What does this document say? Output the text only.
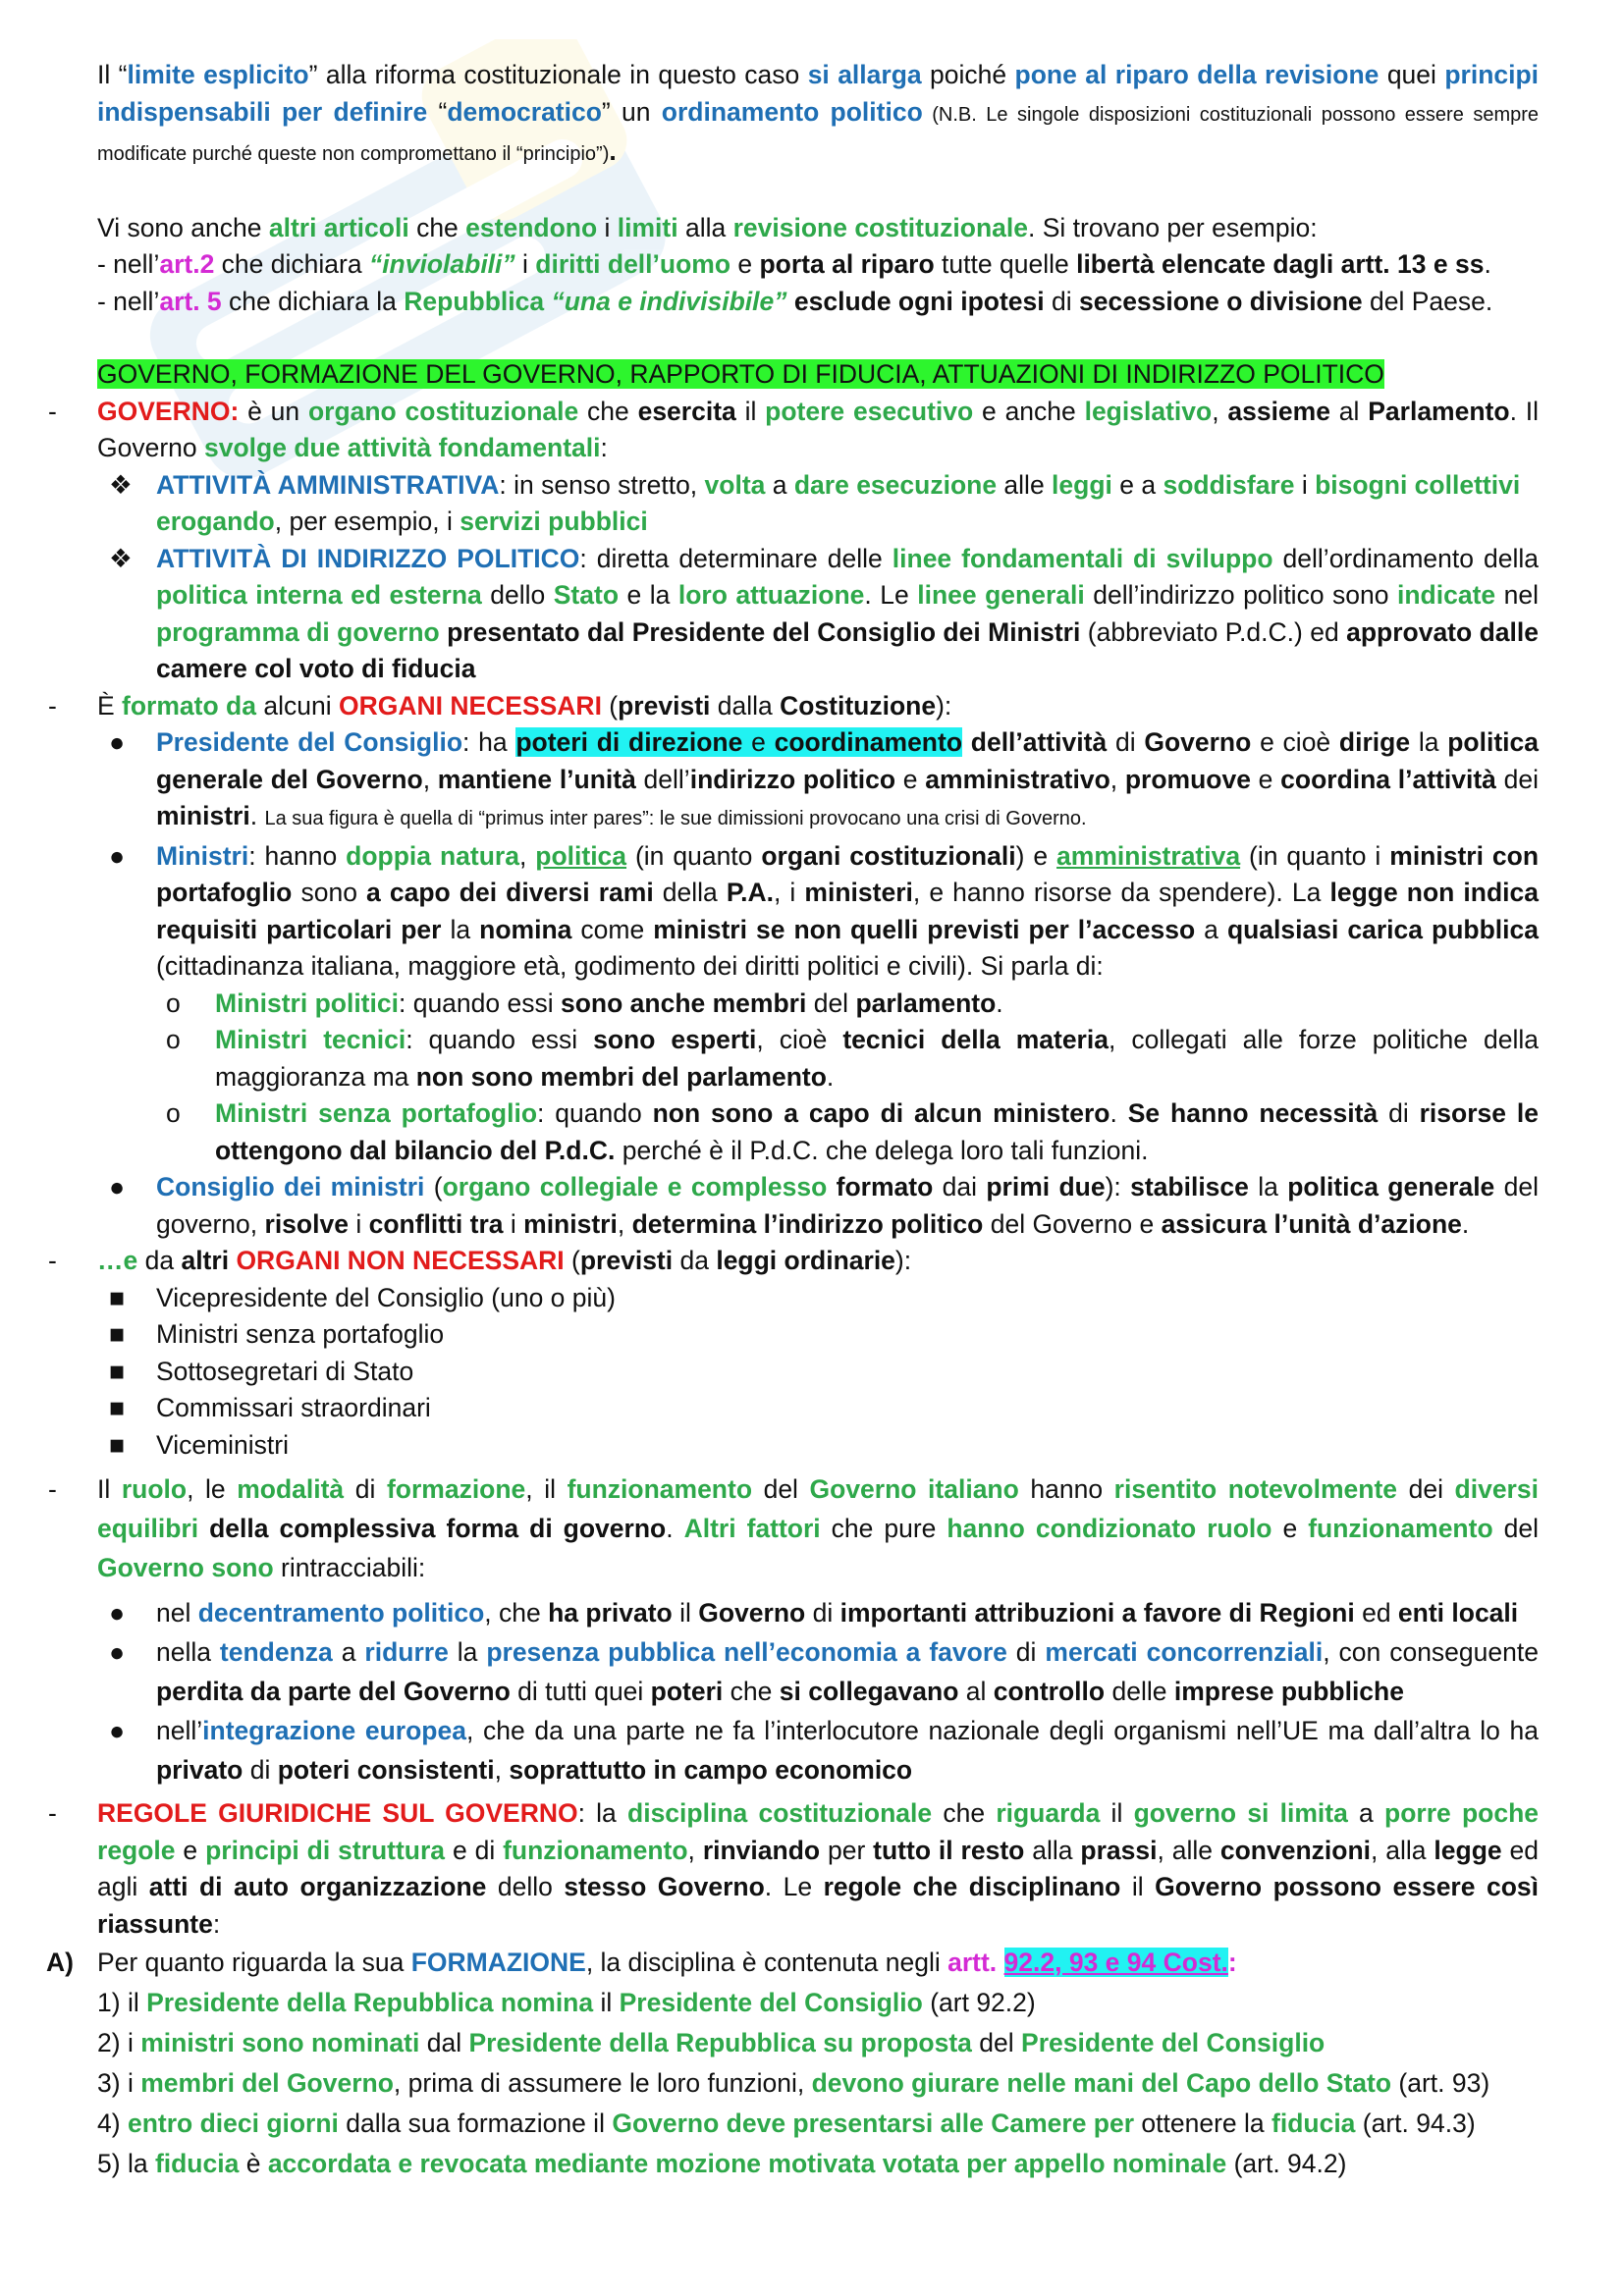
Il “limite esplicito” alla riforma costituzionale in questo caso si allarga poiché pone al riparo della revisione quei principi indispensabili per definire “democratico” un ordinamento politico (N.B. Le singole disposizioni costituzionali possono essere sempre modificate purché queste non compromettano il “principio”).

Vi sono anche altri articoli che estendono i limiti alla revisione costituzionale. Si trovano per esempio:

- nell’art.2 che dichiara “inviolabili” i diritti dell’uomo e porta al riparo tutte quelle libertà elencate dagli artt. 13 e ss.

- nell’art. 5 che dichiara la Repubblica “una e indivisibile” esclude ogni ipotesi di secessione o divisione del Paese.

GOVERNO, FORMAZIONE DEL GOVERNO, RAPPORTO DI FIDUCIA, ATTUAZIONI DI INDIRIZZO POLITICO

-	GOVERNO: è un organo costituzionale che esercita il potere esecutivo e anche legislativo, assieme al Parlamento. Il Governo svolge due attività fondamentali:
❖ ATTIVITÀ AMMINISTRATIVA: in senso stretto, volta a dare esecuzione alle leggi e a soddisfare i bisogni collettivi erogando, per esempio, i servizi pubblici
❖ ATTIVITÀ DI INDIRIZZO POLITICO: diretta determinare delle linee fondamentali di sviluppo dell’ordinamento della politica interna ed esterna dello Stato e la loro attuazione. Le linee generali dell’indirizzo politico sono indicate nel programma di governo presentato dal Presidente del Consiglio dei Ministri (abbreviato P.d.C.) ed approvato dalle camere col voto di fiducia
-	È formato da alcuni ORGANI NECESSARI (previsti dalla Costituzione):
●	Presidente del Consiglio: ha poteri di direzione e coordinamento dell’attività di Governo e cioè dirige la politica generale del Governo, mantiene l’unità dell’indirizzo politico e amministrativo, promuove e coordina l’attività dei ministri. La sua figura è quella di “primus inter pares”: le sue dimissioni provocano una crisi di Governo.
●	Ministri: hanno doppia natura, politica (in quanto organi costituzionali) e amministrativa (in quanto i ministri con portafoglio sono a capo dei diversi rami della P.A., i ministeri, e hanno risorse da spendere). La legge non indica requisiti particolari per la nomina come ministri se non quelli previsti per l’accesso a qualsiasi carica pubblica (cittadinanza italiana, maggiore età, godimento dei diritti politici e civili). Si parla di:
o	Ministri politici: quando essi sono anche membri del parlamento.
o	Ministri tecnici: quando essi sono esperti, cioè tecnici della materia, collegati alle forze politiche della maggioranza ma non sono membri del parlamento.
o	Ministri senza portafoglio: quando non sono a capo di alcun ministero. Se hanno necessità di risorse le ottengono dal bilancio del P.d.C. perché è il P.d.C. che delega loro tali funzioni.
●	Consiglio dei ministri (organo collegiale e complesso formato dai primi due): stabilisce la politica generale del governo, risolve i conflitti tra i ministri, determina l’indirizzo politico del Governo e assicura l’unità d’azione.
-	…e da altri ORGANI NON NECESSARI (previsti da leggi ordinarie):
■	Vicepresidente del Consiglio (uno o più)
■	Ministri senza portafoglio
■	Sottosegretari di Stato
■	Commissari straordinari
■	Viceministri
-	Il ruolo, le modalità di formazione, il funzionamento del Governo italiano hanno risentito notevolmente dei diversi equilibri della complessiva forma di governo. Altri fattori che pure hanno condizionato ruolo e funzionamento del Governo sono rintracciabili:
●	nel decentramento politico, che ha privato il Governo di importanti attribuzioni a favore di Regioni ed enti locali
●	nella tendenza a ridurre la presenza pubblica nell’economia a favore di mercati concorrenziali, con conseguente perdita da parte del Governo di tutti quei poteri che si collegavano al controllo delle imprese pubbliche
●	nell’integrazione europea, che da una parte ne fa l’interlocutore nazionale degli organismi nell’UE ma dall’altra lo ha privato di poteri consistenti, soprattutto in campo economico
-	REGOLE GIURIDICHE SUL GOVERNO: la disciplina costituzionale che riguarda il governo si limita a porre poche regole e principi di struttura e di funzionamento, rinviando per tutto il resto alla prassi, alle convenzioni, alla legge ed agli atti di auto organizzazione dello stesso Governo. Le regole che disciplinano il Governo possono essere così riassunte:
A) Per quanto riguarda la sua FORMAZIONE, la disciplina è contenuta negli artt. 92.2, 93 e 94 Cost.:
1) il Presidente della Repubblica nomina il Presidente del Consiglio (art 92.2)
2) i ministri sono nominati dal Presidente della Repubblica su proposta del Presidente del Consiglio
3) i membri del Governo, prima di assumere le loro funzioni, devono giurare nelle mani del Capo dello Stato (art. 93)
4) entro dieci giorni dalla sua formazione il Governo deve presentarsi alle Camere per ottenere la fiducia (art. 94.3)
5) la fiducia è accordata e revocata mediante mozione motivata votata per appello nominale (art. 94.2)
